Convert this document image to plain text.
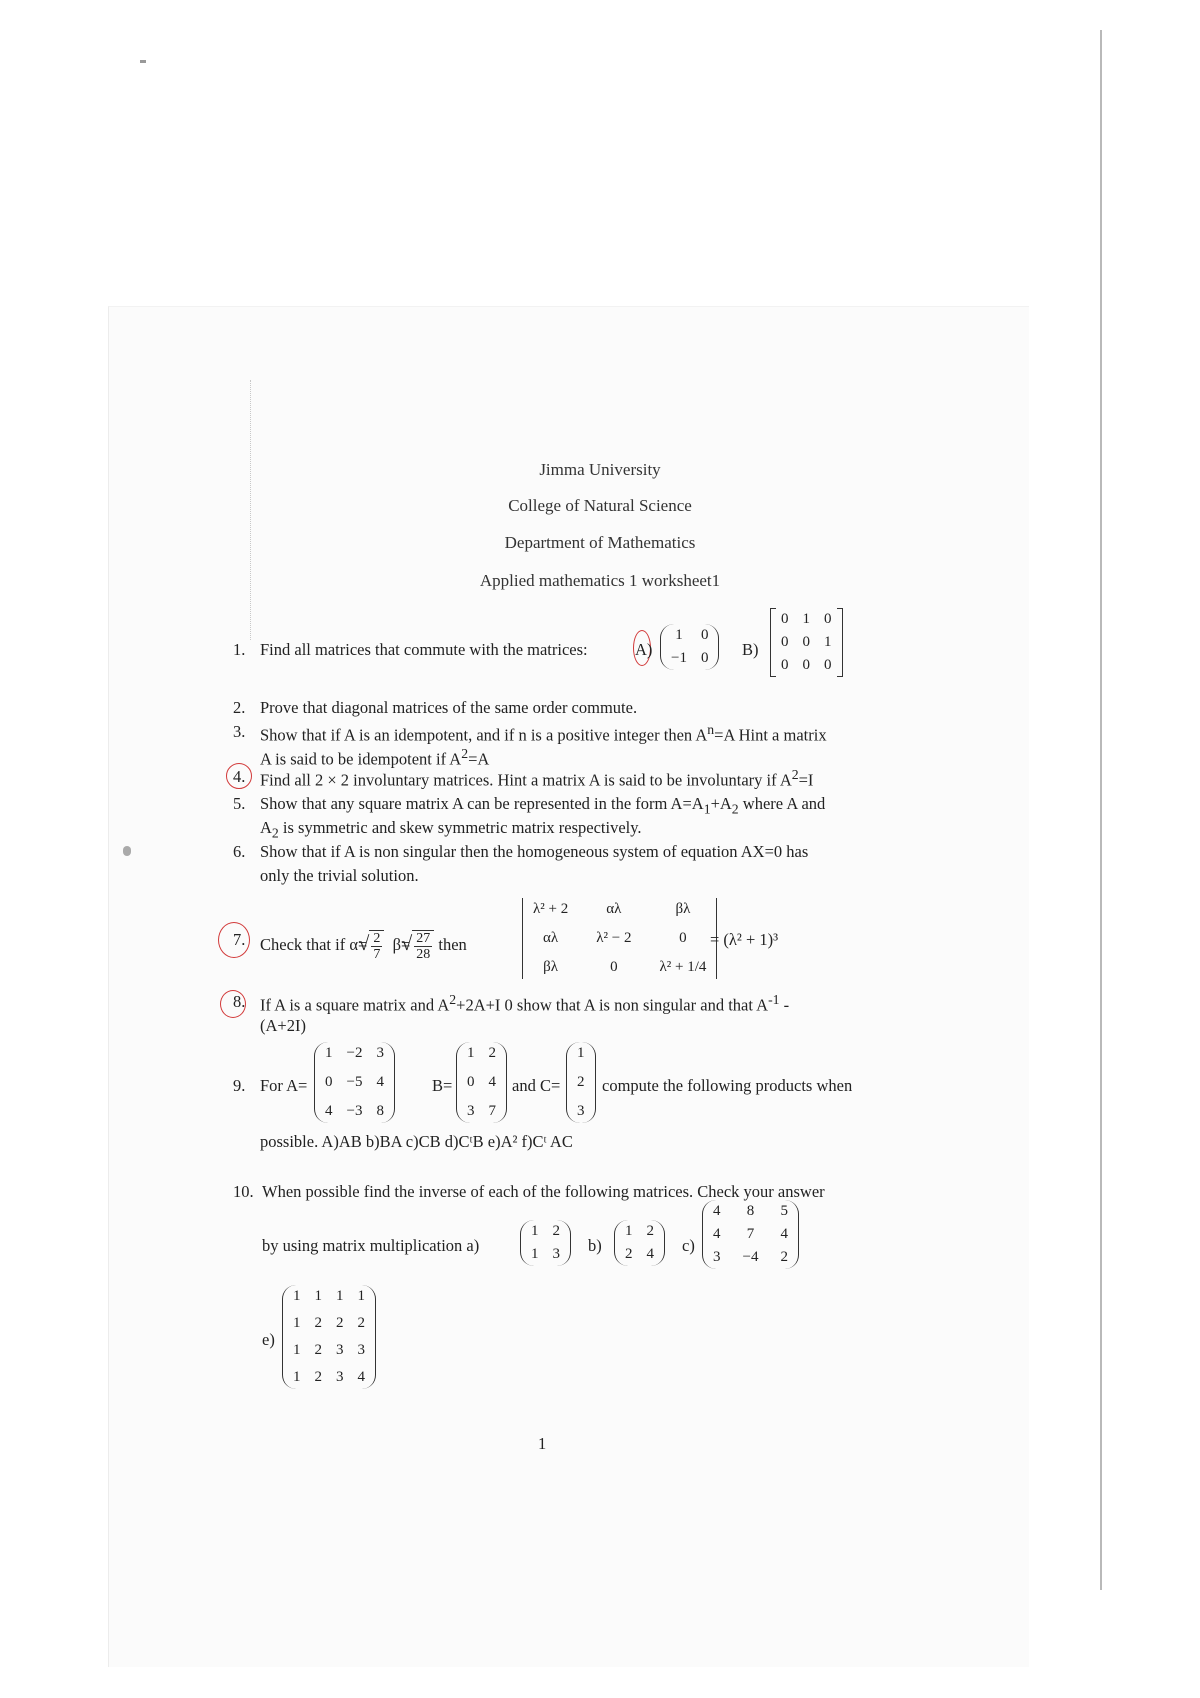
Jimma University
College of Natural Science
Department of Mathematics
Applied mathematics 1 worksheet1
1. Find all matrices that commute with the matrices:	A)
1 0
−1 0 B)
0 1 0
0 0 1
0 0 0
2. Prove that diagonal matrices of the same order commute.
3. Show that if A is an idempotent, and if n is a positive integer then $A^n=A$ Hint a matrix
A is said to be idempotent if $A^2=A$
4. Find all 2 × 2 involuntary matrices. Hint a matrix A is said to be involuntary if $A^2=I$
5. Show that any square matrix A can be represented in the form $A=A_1+A_2$ where A and
$A_2$ is symmetric and skew symmetric matrix respectively.
6. Show that if A is non singular then the homogeneous system of equation AX=0 has
only the trivial solution.
7. Check that if α= √ $\frac{2}{7} \beta=$ √ $\frac{27}{28}$ then
λ² + 2	αλ	βλ
αλ	λ² − 2	0
βλ	0	λ² + 1/4
= (λ² + 1)³
8. If A is a square matrix and $A^2+2A+I$ 0 show that A is non singular and that $A^{-1}$ -
(A+2I)
9. For A=
1 −2 3
0 −5 4
4 −3 8
B=
1 2
0 4
3 7
and C=
1
2
3
compute the following products when
possible. A)AB b)BA c)CB d)CᵗB e)A² f)Cᵗ AC
10. When possible find the inverse of each of the following matrices. Check your answer
by using matrix multiplication a)
1 2
1 3 b)
1 2
2 4 c)
4 8 5
4 7 4
3 −4 2
e)
1 1 1 1
1 2 2 2
1 2 3 3
1 2 3 4
1
